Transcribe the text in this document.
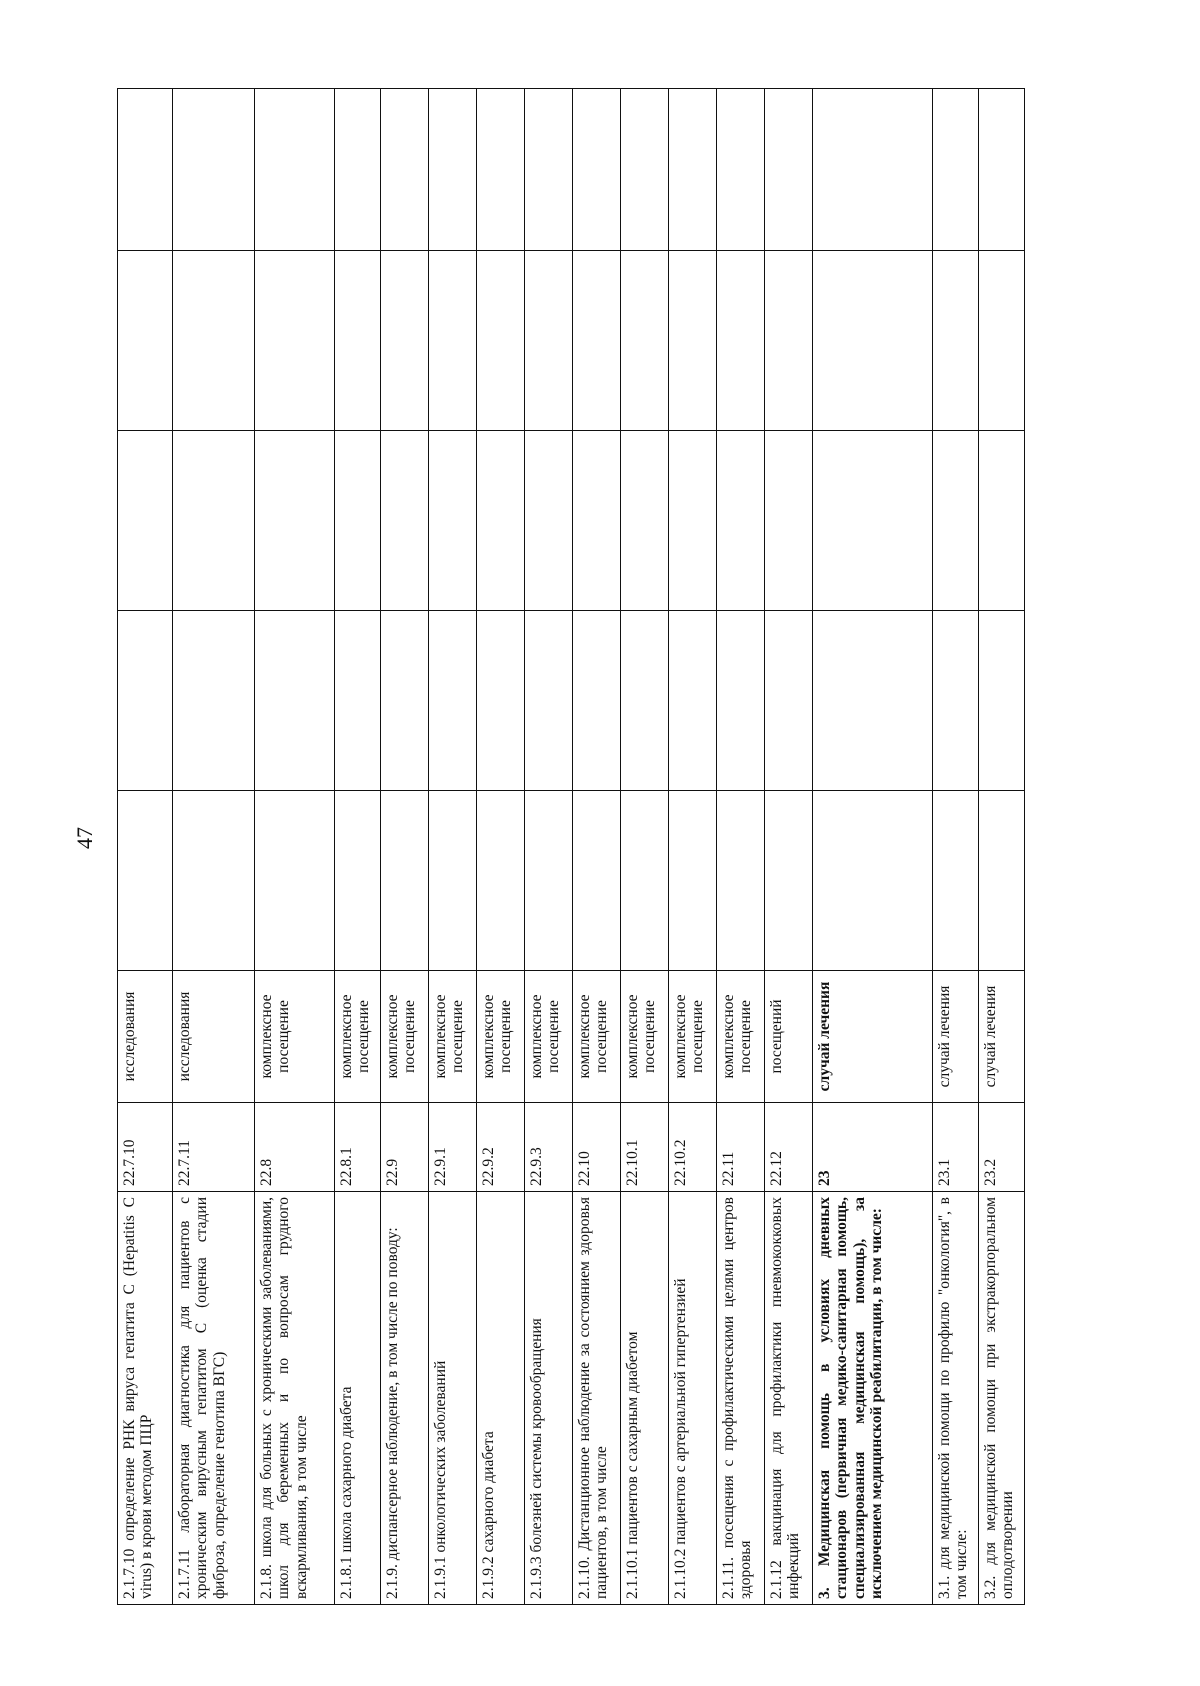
47
2.1.7.10 определение РНК вируса гепатита С (Hepatitis C virus) в крови методом ПЦР	22.7.10	исследования					
2.1.7.11 лабораторная диагностика для пациентов с хроническим вирусным гепатитом С (оценка стадии фиброза, определение генотипа ВГС)	22.7.11	исследования					
2.1.8. школа для больных с хроническими заболеваниями, школ для беременных и по вопросам грудного вскармливания, в том числе	22.8	комплексное посещение					
2.1.8.1 школа сахарного диабета	22.8.1	комплексное посещение					
2.1.9. диспансерное наблюдение, в том числе по поводу:	22.9	комплексное посещение					
2.1.9.1 онкологических заболеваний	22.9.1	комплексное посещение					
2.1.9.2 сахарного диабета	22.9.2	комплексное посещение					
2.1.9.3 болезней системы кровообращения	22.9.3	комплексное посещение					
2.1.10. Дистанционное наблюдение за состоянием здоровья пациентов, в том числе	22.10	комплексное посещение					
2.1.10.1 пациентов с сахарным диабетом	22.10.1	комплексное посещение					
2.1.10.2 пациентов с артериальной гипертензией	22.10.2	комплексное посещение					
2.1.11. посещения с профилактическими целями центров здоровья	22.11	комплексное посещение					
2.1.12 вакцинация для профилактики пневмококковых инфекций	22.12	посещений					
3. Медицинская помощь в условиях дневных стационаров (первичная медико-санитарная помощь, специализированная медицинская помощь), за исключением медицинской реабилитации, в том числе:	23	случай лечения					
3.1. для медицинской помощи по профилю "онкология", в том числе:	23.1	случай лечения					
3.2. для медицинской помощи при экстракорпоральном оплодотворении	23.2	случай лечения					
